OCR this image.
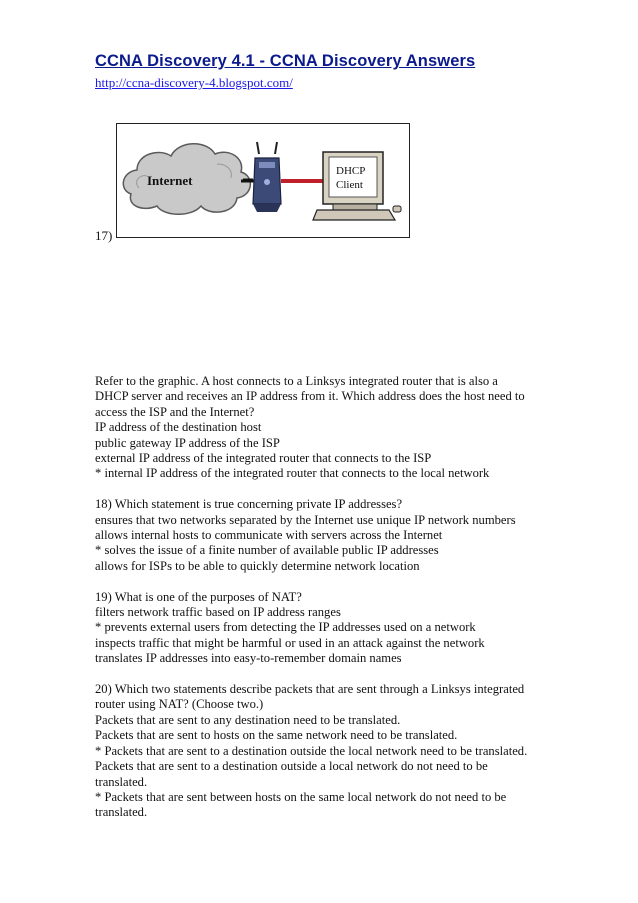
CCNA Discovery 4.1 - CCNA Discovery Answers
http://ccna-discovery-4.blogspot.com/
17)
Internet
DHCP
Client
Refer to the graphic. A host connects to a Linksys integrated router that is also a
DHCP server and receives an IP address from it. Which address does the host need to
access the ISP and the Internet?
IP address of the destination host
public gateway IP address of the ISP
external IP address of the integrated router that connects to the ISP
* internal IP address of the integrated router that connects to the local network
18) Which statement is true concerning private IP addresses?
ensures that two networks separated by the Internet use unique IP network numbers
allows internal hosts to communicate with servers across the Internet
* solves the issue of a finite number of available public IP addresses
allows for ISPs to be able to quickly determine network location
19) What is one of the purposes of NAT?
filters network traffic based on IP address ranges
* prevents external users from detecting the IP addresses used on a network
inspects traffic that might be harmful or used in an attack against the network
translates IP addresses into easy-to-remember domain names
20) Which two statements describe packets that are sent through a Linksys integrated
router using NAT? (Choose two.)
Packets that are sent to any destination need to be translated.
Packets that are sent to hosts on the same network need to be translated.
* Packets that are sent to a destination outside the local network need to be translated.
Packets that are sent to a destination outside a local network do not need to be
translated.
* Packets that are sent between hosts on the same local network do not need to be
translated.
